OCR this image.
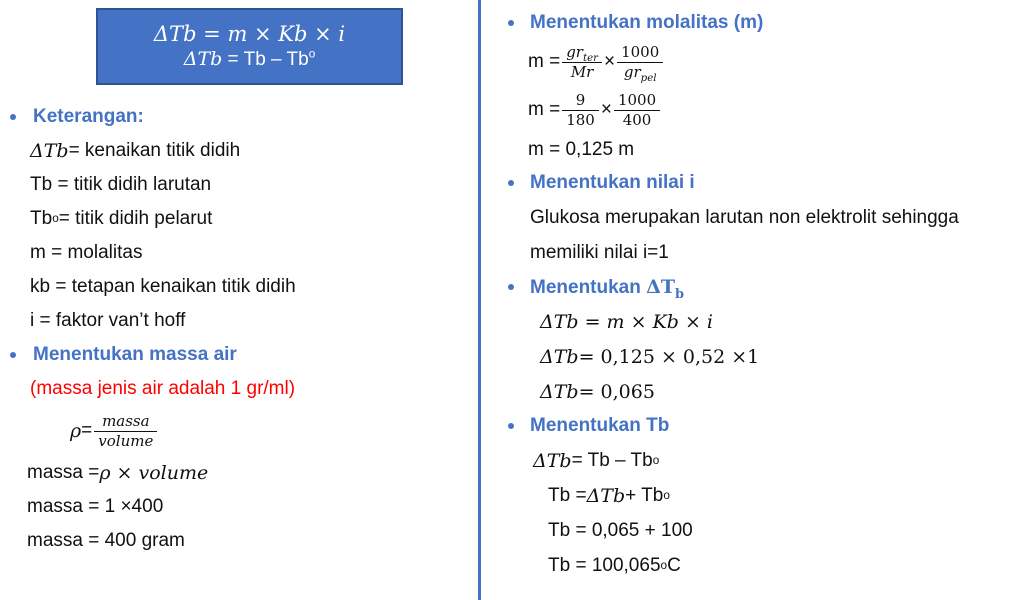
ΔTb = m × Kb × i
ΔTb = Tb – Tb$^o$
Keterangan:
ΔTb = kenaikan titik didih
Tb = titik didih larutan
Tb o = titik didih pelarut
m = molalitas
kb = tetapan kenaikan titik didih
i = faktor van’t hoff
Menentukan massa air
(massa jenis air adalah 1 gr/ml)
$\rho = \frac{\text{massa}}{\text{volume}}$
massa = ρ × volume
massa = 1 ×400
massa = 400 gram
Menentukan molalitas (m)
$m = \frac{gr_{ter}}{Mr} \times \frac{1000}{gr_{pel}}$
$m = \frac{9}{180} \times \frac{1000}{400}$
m = 0,125 m
Menentukan nilai i
Glukosa merupakan larutan non elektrolit sehingga
memiliki nilai i=1
Menentukan $\Delta T_b$
ΔTb = m × Kb × i
ΔTb = 0,125 × 0,52 ×1
ΔTb = 0,065
Menentukan Tb
ΔTb = Tb – Tb o
Tb = ΔTb + Tb o
Tb = 0,065 + 100
Tb = 100,065 o C
